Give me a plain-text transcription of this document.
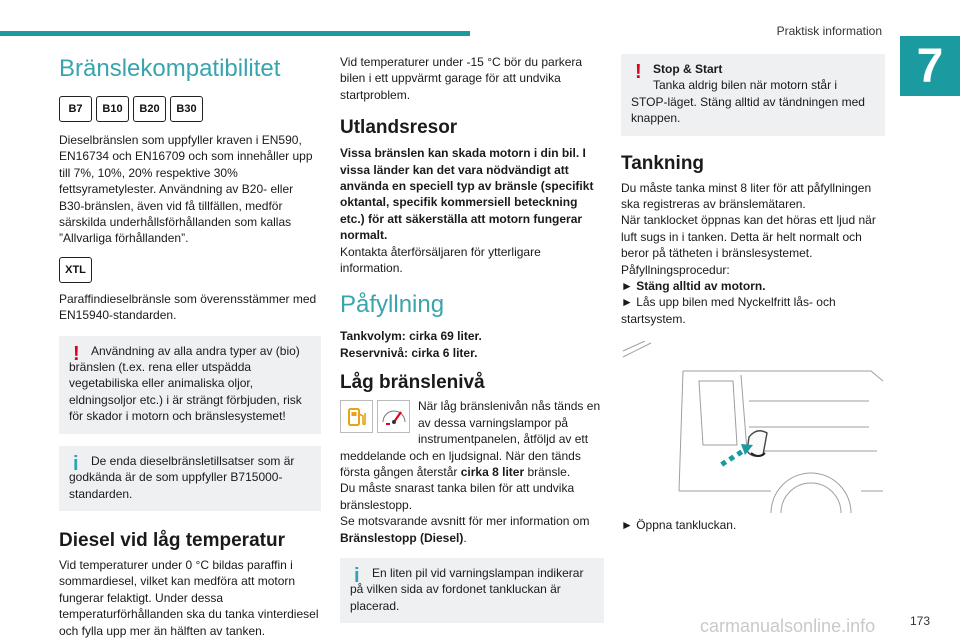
Praktisk information
7
Bränslekompatibilitet
B7	B10	B20	B30

Dieselbränslen som uppfyller kraven i EN590, EN16734 och EN16709 och som innehåller upp till 7%, 10%, 20% respektive 30% fettsyrametylester. Användning av B20- eller B30-bränslen, även vid få tillfällen, medför särskilda underhållsförhållanden som kallas ”Allvarliga förhållanden”.

XTL

Paraffindieselbränsle som överensstämmer med EN15940-standarden.

! Användning av alla andra typer av (bio) bränslen (t.ex. rena eller utspädda vegetabiliska eller animaliska oljor, eldningsoljor etc.) i är strängt förbjuden, risk för skador i motorn och bränslesystemet!

i	De enda dieselbränsletillsatser som är godkända är de som uppfyller B715000-standarden.

Diesel vid låg temperatur

Vid temperaturer under 0 °C bildas paraffin i sommardiesel, vilket kan medföra att motorn fungerar felaktigt. Under dessa temperaturförhållanden ska du tanka vinterdiesel och fylla upp mer än hälften av tanken.

Vid temperaturer under -15 °C bör du parkera bilen i ett uppvärmt garage för att undvika startproblem.

Utlandsresor

Vissa bränslen kan skada motorn i din bil. I vissa länder kan det vara nödvändigt att använda en speciell typ av bränsle (specifikt oktantal, specifik kommersiell beteckning etc.) för att säkerställa att motorn fungerar normalt.

Kontakta återförsäljaren för ytterligare information.

Påfyllning

Tankvolym: cirka 69 liter.

Reservnivå: cirka 6 liter.

Låg bränslenivå

När låg bränslenivån nås tänds en av dessa varningslampor på instrumentpanelen, åtföljd av ett meddelande och en ljudsignal. När den tänds första gången återstår cirka 8 liter bränsle.

Du måste snarast tanka bilen för att undvika bränslestopp.

Se motsvarande avsnitt för mer information om Bränslestopp (Diesel).

i	En liten pil vid varningslampan indikerar på vilken sida av fordonet tankluckan är placerad.

! Stop & Start

Tanka aldrig bilen när motorn står i STOP-läget. Stäng alltid av tändningen med knappen.

Tankning

Du måste tanka minst 8 liter för att påfyllningen ska registreras av bränslemätaren.

När tanklocket öppnas kan det höras ett ljud när luft sugs in i tanken. Detta är helt normalt och beror på tätheten i bränslesystemet.

Påfyllningsprocedur:

► Stäng alltid av motorn.

► Lås upp bilen med Nyckelfritt lås- och startsystem.

► Öppna tankluckan.

carmanualsonline.info	173
